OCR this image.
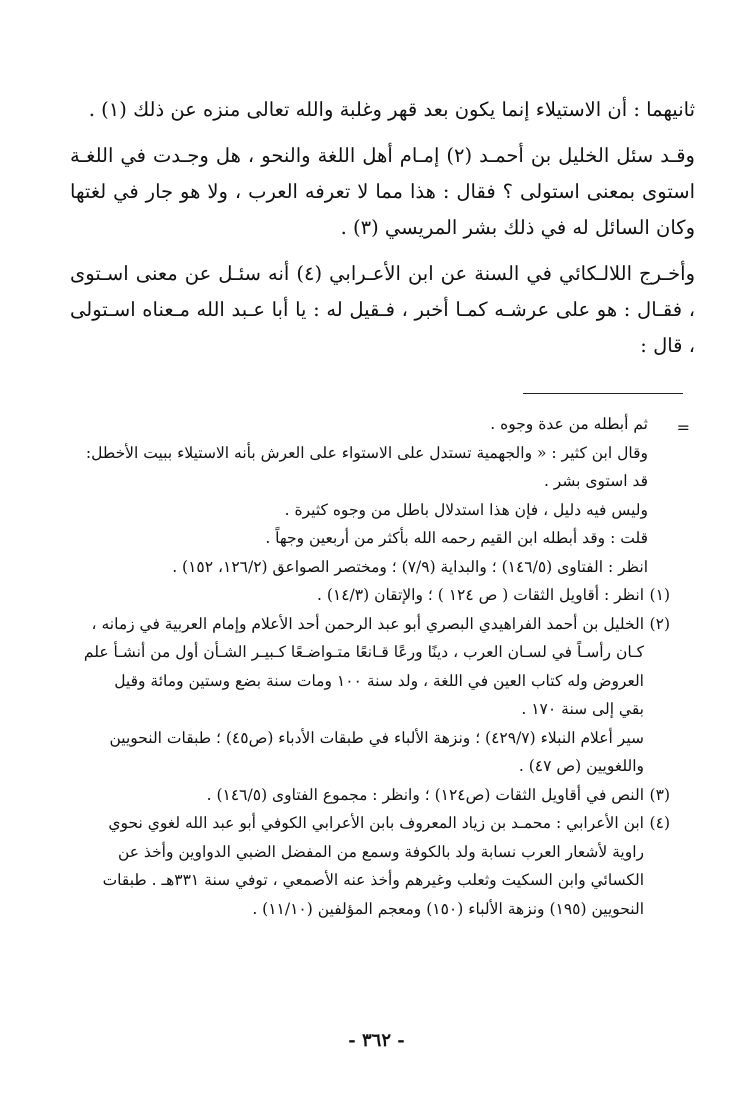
ثانيهما : أن الاستيلاء إنما يكون بعد قهر وغلبة والله تعالى منزه عن ذلك (١) .

وقـد سئل الخليل بن أحمـد (٢) إمـام أهل اللغة والنحو ، هل وجـدت في اللغـة استوى بمعنى استولى ؟ فقال : هذا مما لا تعرفه العرب ، ولا هو جار في لغتها وكان السائل له في ذلك بشر المريسي (٣) .

وأخـرج اللالـكائي في السنة عن ابن الأعـرابي (٤) أنه سئـل عن معنى اسـتوى ، فقـال : هو على عرشـه كمـا أخبر ، فـقيل له : يا أبا عـبد الله مـعناه اسـتولى ، قال :

=

ثم أبطله من عدة وجوه .

وقال ابن كثير : « والجهمية تستدل على الاستواء على العرش بأنه الاستيلاء ببيت الأخطل:

قد استوى بشر .

وليس فيه دليل ، فإن هذا استدلال باطل من وجوه كثيرة .

قلت : وقد أبطله ابن القيم رحمه الله بأكثر من أربعين وجهاً .

انظر : الفتاوى (١٤٦/٥) ؛ والبداية (٧/٩) ؛ ومختصر الصواعق (١٢٦/٢، ١٥٢) .

(١)

انظر : أقاويل الثقات ( ص ١٢٤ ) ؛ والإتقان (١٤/٣) .

(٢)

الخليل بن أحمد الفراهيدي البصري أبو عبد الرحمن أحد الأعلام وإمام العربية في زمانه ،

كـان رأسـاً في لسـان العرب ، دينًا ورعًا قـانعًا متـواضـعًا كـبيـر الشـأن أول من أنشـأ علم

العروض وله كتاب العين في اللغة ، ولد سنة ١٠٠ ومات سنة بضع وستين ومائة وقيل

بقي إلى سنة ١٧٠ .

سير أعلام النبلاء (٤٢٩/٧) ؛ ونزهة الألباء في طبقات الأدباء (ص٤٥) ؛ طبقات النحويين

واللغويين (ص ٤٧) .

(٣)

النص في أقاويل الثقات (ص١٢٤) ؛ وانظر : مجموع الفتاوى (١٤٦/٥) .

(٤)

ابن الأعرابي : محمـد بن زياد المعروف بابن الأعرابي الكوفي أبو عبد الله لغوي نحوي

راوية لأشعار العرب نسابة ولد بالكوفة وسمع من المفضل الضبي الدواوين وأخذ عن

الكسائي وابن السكيت وثعلب وغيرهم وأخذ عنه الأصمعي ، توفي سنة ٣٣١هـ . طبقات

النحويين (١٩٥) ونزهة الألباء (١٥٠) ومعجم المؤلفين (١١/١٠) .

- ٣٦٢ -
